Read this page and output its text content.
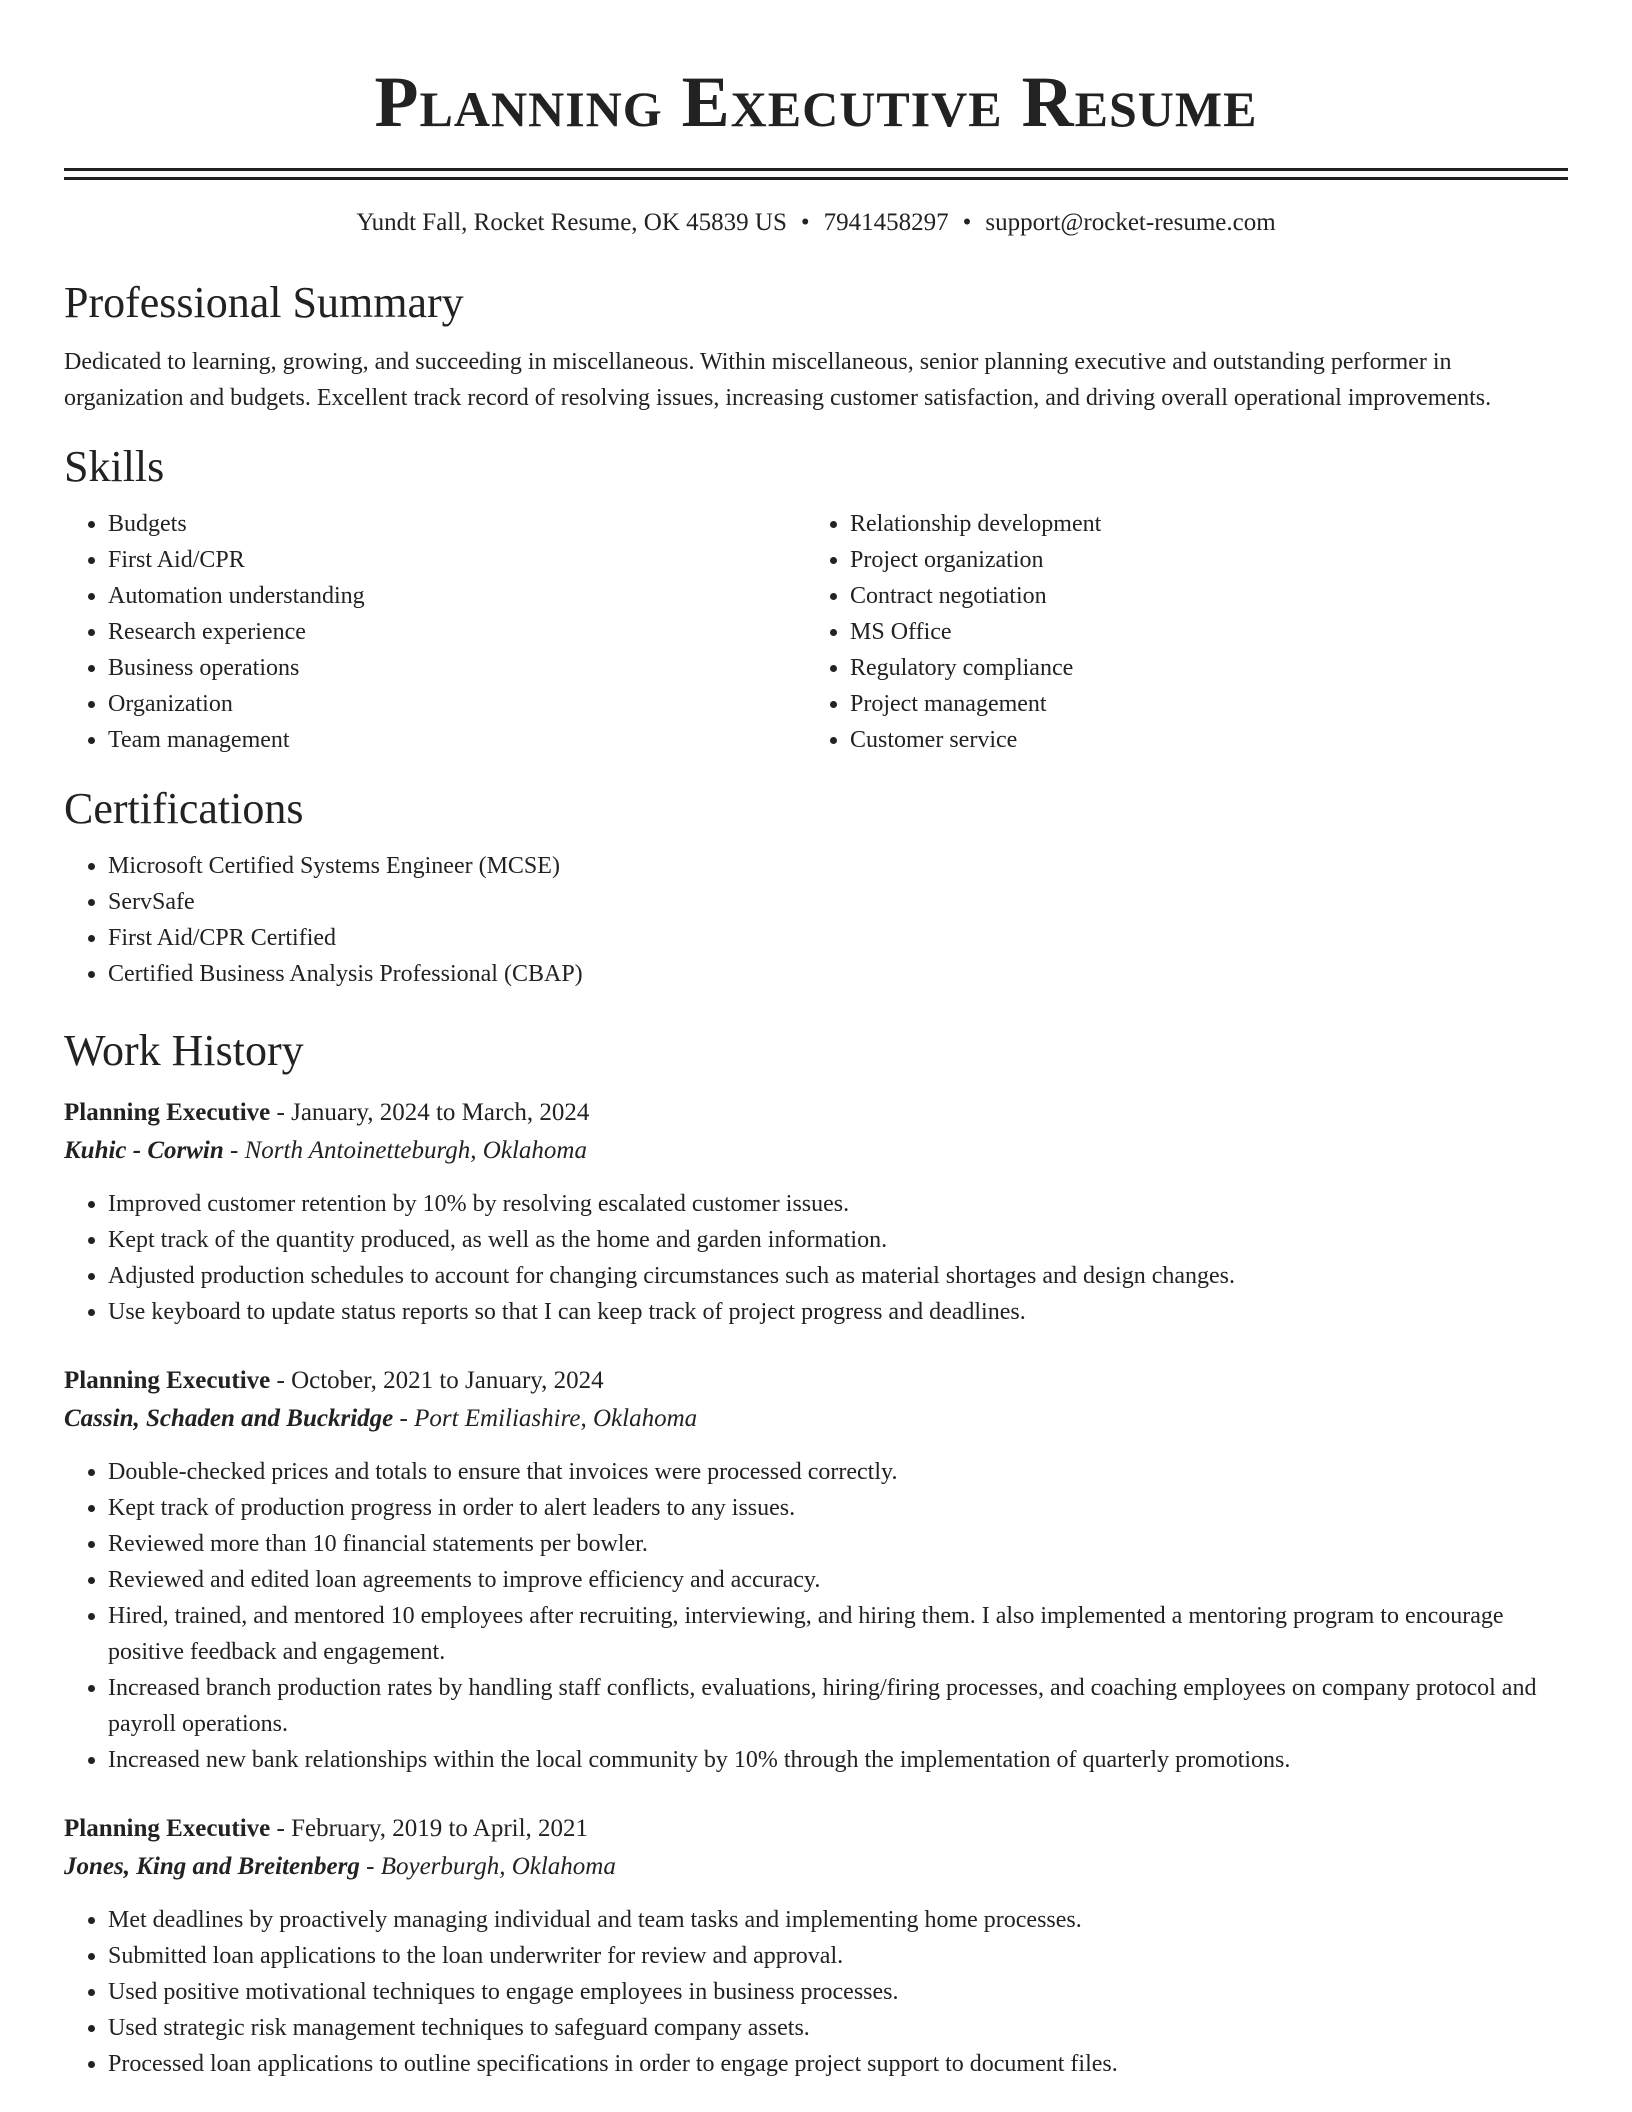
Planning Executive Resume
Yundt Fall, Rocket Resume, OK 45839 US • 7941458297 • support@rocket-resume.com
Professional Summary

Dedicated to learning, growing, and succeeding in miscellaneous. Within miscellaneous, senior planning executive and outstanding performer in organization and budgets. Excellent track record of resolving issues, increasing customer satisfaction, and driving overall operational improvements.

Skills
• Budgets
• First Aid/CPR
• Automation understanding
• Research experience
• Business operations
• Organization
• Team management
• Relationship development
• Project organization
• Contract negotiation
• MS Office
• Regulatory compliance
• Project management
• Customer service
Certifications
• Microsoft Certified Systems Engineer (MCSE)
• ServSafe
• First Aid/CPR Certified
• Certified Business Analysis Professional (CBAP)
Work History
Planning Executive - January, 2024 to March, 2024
Kuhic - Corwin - North Antoinetteburgh, Oklahoma
• Improved customer retention by 10% by resolving escalated customer issues.
• Kept track of the quantity produced, as well as the home and garden information.
• Adjusted production schedules to account for changing circumstances such as material shortages and design changes.
• Use keyboard to update status reports so that I can keep track of project progress and deadlines.
Planning Executive - October, 2021 to January, 2024
Cassin, Schaden and Buckridge - Port Emiliashire, Oklahoma
• Double-checked prices and totals to ensure that invoices were processed correctly.
• Kept track of production progress in order to alert leaders to any issues.
• Reviewed more than 10 financial statements per bowler.
• Reviewed and edited loan agreements to improve efficiency and accuracy.
• Hired, trained, and mentored 10 employees after recruiting, interviewing, and hiring them. I also implemented a mentoring program to encourage positive feedback and engagement.
• Increased branch production rates by handling staff conflicts, evaluations, hiring/firing processes, and coaching employees on company protocol and payroll operations.
• Increased new bank relationships within the local community by 10% through the implementation of quarterly promotions.
Planning Executive - February, 2019 to April, 2021
Jones, King and Breitenberg - Boyerburgh, Oklahoma
• Met deadlines by proactively managing individual and team tasks and implementing home processes.
• Submitted loan applications to the loan underwriter for review and approval.
• Used positive motivational techniques to engage employees in business processes.
• Used strategic risk management techniques to safeguard company assets.
• Processed loan applications to outline specifications in order to engage project support to document files.
